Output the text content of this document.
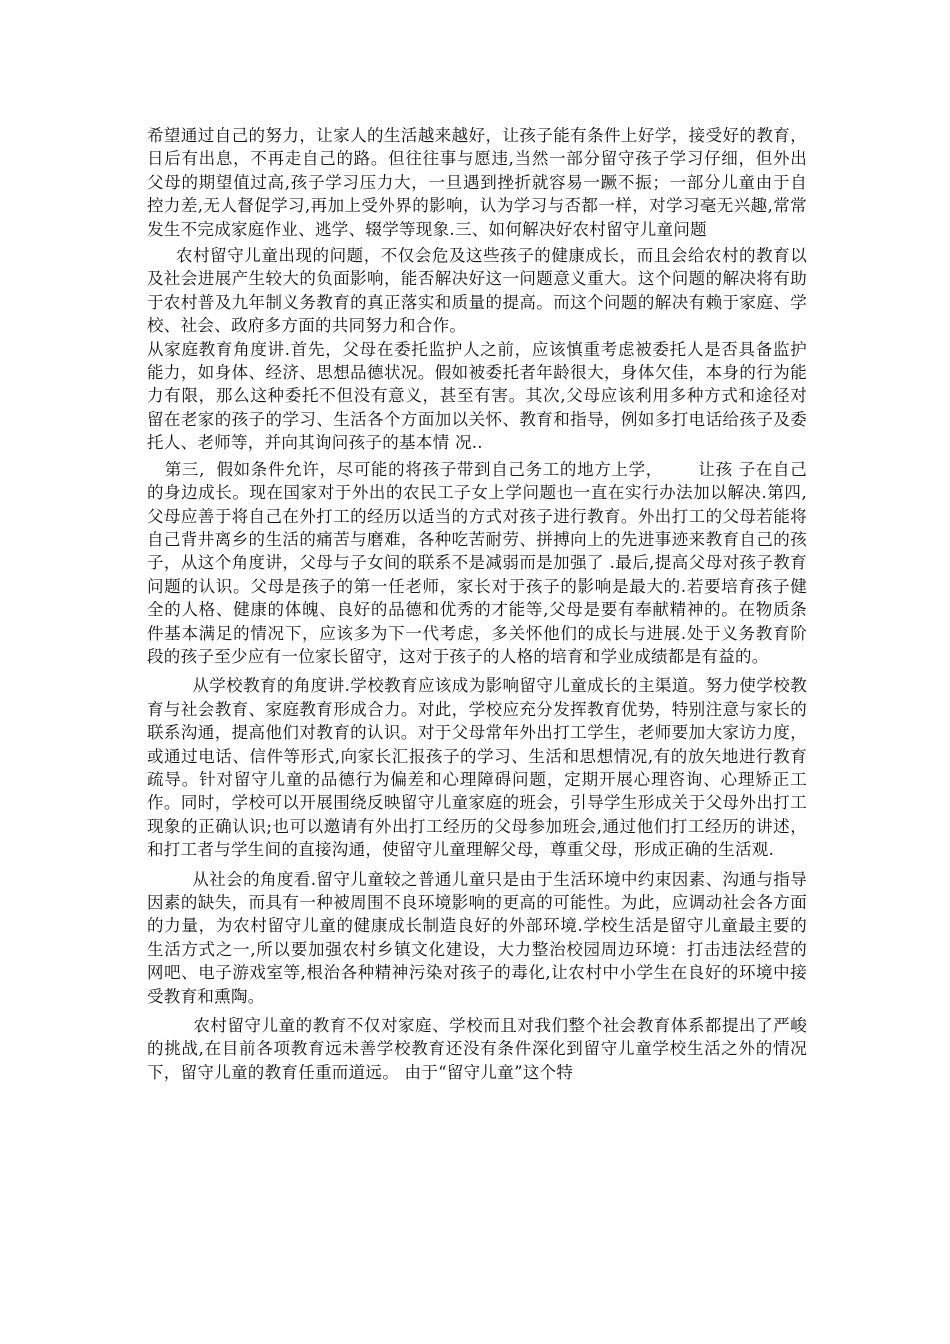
希望通过自己的努力，让家人的生活越来越好，让孩子能有条件上好学，接受好的教育，日后有出息，不再走自己的路。但往往事与愿违,当然一部分留守孩子学习仔细，但外出父母的期望值过高,孩子学习压力大，一旦遇到挫折就容易一蹶不振；一部分儿童由于自控力差,无人督促学习,再加上受外界的影响，认为学习与否都一样，对学习毫无兴趣,常常发生不完成家庭作业、逃学、辍学等现象.三、如何解决好农村留守儿童问题

农村留守儿童出现的问题，不仅会危及这些孩子的健康成长，而且会给农村的教育以及社会进展产生较大的负面影响，能否解决好这一问题意义重大。这个问题的解决将有助于农村普及九年制义务教育的真正落实和质量的提高。而这个问题的解决有赖于家庭、学校、社会、政府多方面的共同努力和合作。

从家庭教育角度讲.首先，父母在委托监护人之前，应该慎重考虑被委托人是否具备监护能力，如身体、经济、思想品德状况。假如被委托者年龄很大，身体欠佳，本身的行为能力有限，那么这种委托不但没有意义，甚至有害。其次,父母应该利用多种方式和途径对留在老家的孩子的学习、生活各个方面加以关怀、教育和指导，例如多打电话给孩子及委托人、老师等，并向其询问孩子的基本情 况..

第三,  假如条件允许，尽可能的将孩子带到自己务工的地方上学，      让孩 子在自己的身边成长。现在国家对于外出的农民工子女上学问题也一直在实行办法加以解决.第四,父母应善于将自己在外打工的经历以适当的方式对孩子进行教育。外出打工的父母若能将自己背井离乡的生活的痛苦与磨难，各种吃苦耐劳、拼搏向上的先进事迹来教育自己的孩子，从这个角度讲，父母与子女间的联系不是减弱而是加强了 .最后,提高父母对孩子教育问题的认识。父母是孩子的第一任老师，家长对于孩子的影响是最大的.若要培育孩子健全的人格、健康的体魄、良好的品德和优秀的才能等,父母是要有奉献精神的。在物质条件基本满足的情况下，应该多为下一代考虑，多关怀他们的成长与进展.处于义务教育阶段的孩子至少应有一位家长留守，这对于孩子的人格的培育和学业成绩都是有益的。

从学校教育的角度讲.学校教育应该成为影响留守儿童成长的主渠道。努力使学校教育与社会教育、家庭教育形成合力。对此，学校应充分发挥教育优势，特别注意与家长的联系沟通，提高他们对教育的认识。对于父母常年外出打工学生，老师要加大家访力度，或通过电话、信件等形式,向家长汇报孩子的学习、生活和思想情况,有的放矢地进行教育疏导。针对留守儿童的品德行为偏差和心理障碍问题，定期开展心理咨询、心理矫正工作。同时，学校可以开展围绕反映留守儿童家庭的班会，引导学生形成关于父母外出打工现象的正确认识;也可以邀请有外出打工经历的父母参加班会,通过他们打工经历的讲述，和打工者与学生间的直接沟通，使留守儿童理解父母，尊重父母，形成正确的生活观.

从社会的角度看.留守儿童较之普通儿童只是由于生活环境中约束因素、沟通与指导因素的缺失，而具有一种被周围不良环境影响的更高的可能性。为此，应调动社会各方面的力量，为农村留守儿童的健康成长制造良好的外部环境.学校生活是留守儿童最主要的生活方式之一,所以要加强农村乡镇文化建设，大力整治校园周边环境：打击违法经营的网吧、电子游戏室等,根治各种精神污染对孩子的毒化,让农村中小学生在良好的环境中接受教育和熏陶。

农村留守儿童的教育不仅对家庭、学校而且对我们整个社会教育体系都提出了严峻的挑战,在目前各项教育远未善学校教育还没有条件深化到留守儿童学校生活之外的情况下，留守儿童的教育任重而道远。 由于“留守儿童”这个特
